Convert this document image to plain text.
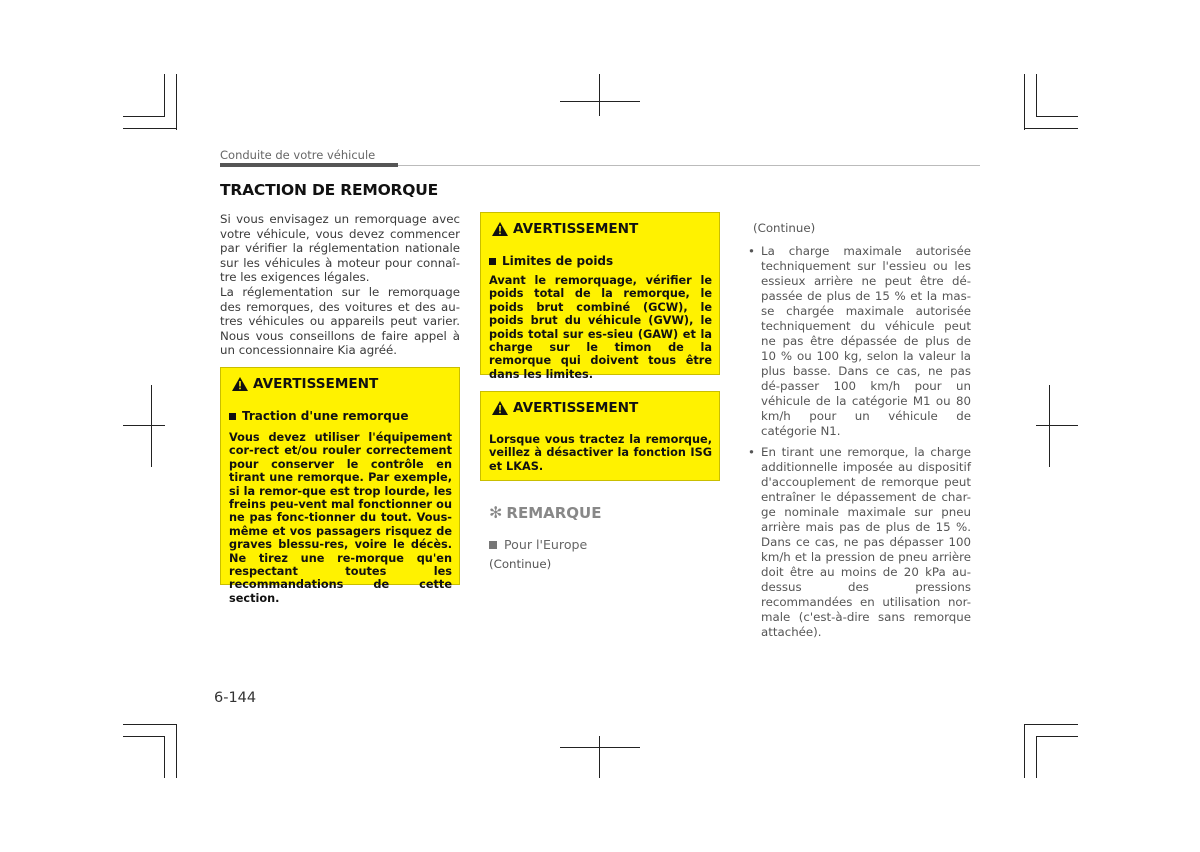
Conduite de votre véhicule
TRACTION DE REMORQUE

Si vous envisagez un remorquage avec votre véhicule, vous devez commencer par vérifier la réglementation nationale sur les véhicules à moteur pour connaî-tre les exigences légales.

La réglementation sur le remorquage des remorques, des voitures et des au-tres véhicules ou appareils peut varier. Nous vous conseillons de faire appel à un concessionnaire Kia agréé.

AVERTISSEMENT
Traction d'une remorque
Vous devez utiliser l'équipement cor-rect et/ou rouler correctement pour conserver le contrôle en tirant une remorque. Par exemple, si la remor-que est trop lourde, les freins peu-vent mal fonctionner ou ne pas fonc-tionner du tout. Vous-même et vos passagers risquez de graves blessu-res, voire le décès. Ne tirez une re-morque qu'en respectant toutes les recommandations de cette section.
AVERTISSEMENT
Limites de poids
Avant le remorquage, vérifier le poids total de la remorque, le poids brut combiné (GCW), le poids brut du véhicule (GVW), le poids total sur es-sieu (GAW) et la charge sur le timon de la remorque qui doivent tous être dans les limites.
AVERTISSEMENT
Lorsque vous tractez la remorque, veillez à désactiver la fonction ISG et LKAS.
✻ REMARQUE
Pour l'Europe
(Continue)
(Continue)
• La charge maximale autorisée techniquement sur l'essieu ou les essieux arrière ne peut être dé-passée de plus de 15 % et la mas-se chargée maximale autorisée techniquement du véhicule peut ne pas être dépassée de plus de 10 % ou 100 kg, selon la valeur la plus basse. Dans ce cas, ne pas dé-passer 100 km/h pour un véhicule de la catégorie M1 ou 80 km/h pour un véhicule de catégorie N1.
• En tirant une remorque, la charge additionnelle imposée au dispositif d'accouplement de remorque peut entraîner le dépassement de char-ge nominale maximale sur pneu arrière mais pas de plus de 15 %. Dans ce cas, ne pas dépasser 100 km/h et la pression de pneu arrière doit être au moins de 20 kPa au-dessus des pressions recommandées en utilisation nor-male (c'est-à-dire sans remorque attachée).
6-144
